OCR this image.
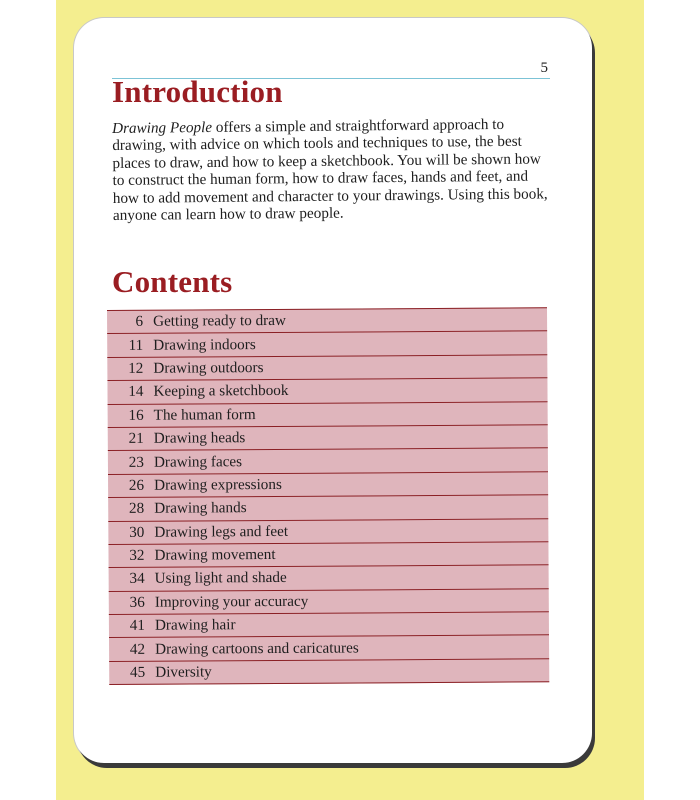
5
Introduction

Drawing People offers a simple and straightforward approach to drawing, with advice on which tools and techniques to use, the best places to draw, and how to keep a sketchbook. You will be shown how to construct the human form, how to draw faces, hands and feet, and how to add movement and character to your drawings. Using this book, anyone can learn how to draw people.

Contents
6 Getting ready to draw
11 Drawing indoors
12 Drawing outdoors
14 Keeping a sketchbook
16 The human form
21 Drawing heads
23 Drawing faces
26 Drawing expressions
28 Drawing hands
30 Drawing legs and feet
32 Drawing movement
34 Using light and shade
36 Improving your accuracy
41 Drawing hair
42 Drawing cartoons and caricatures
45 Diversity
